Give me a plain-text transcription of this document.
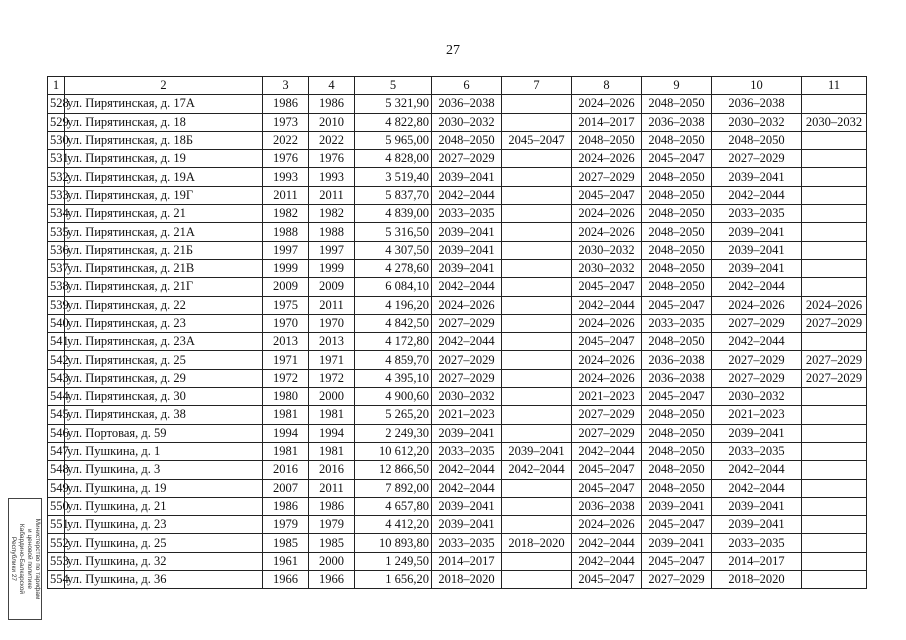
27
1	2	3	4	5	6	7	8	9	10	11
528	ул. Пирятинская, д. 17А	1986	1986	5 321,90	2036–2038		2024–2026	2048–2050	2036–2038	
529	ул. Пирятинская, д. 18	1973	2010	4 822,80	2030–2032		2014–2017	2036–2038	2030–2032	2030–2032
530	ул. Пирятинская, д. 18Б	2022	2022	5 965,00	2048–2050	2045–2047	2048–2050	2048–2050	2048–2050	
531	ул. Пирятинская, д. 19	1976	1976	4 828,00	2027–2029		2024–2026	2045–2047	2027–2029	
532	ул. Пирятинская, д. 19А	1993	1993	3 519,40	2039–2041		2027–2029	2048–2050	2039–2041	
533	ул. Пирятинская, д. 19Г	2011	2011	5 837,70	2042–2044		2045–2047	2048–2050	2042–2044	
534	ул. Пирятинская, д. 21	1982	1982	4 839,00	2033–2035		2024–2026	2048–2050	2033–2035	
535	ул. Пирятинская, д. 21А	1988	1988	5 316,50	2039–2041		2024–2026	2048–2050	2039–2041	
536	ул. Пирятинская, д. 21Б	1997	1997	4 307,50	2039–2041		2030–2032	2048–2050	2039–2041	
537	ул. Пирятинская, д. 21В	1999	1999	4 278,60	2039–2041		2030–2032	2048–2050	2039–2041	
538	ул. Пирятинская, д. 21Г	2009	2009	6 084,10	2042–2044		2045–2047	2048–2050	2042–2044	
539	ул. Пирятинская, д. 22	1975	2011	4 196,20	2024–2026		2042–2044	2045–2047	2024–2026	2024–2026
540	ул. Пирятинская, д. 23	1970	1970	4 842,50	2027–2029		2024–2026	2033–2035	2027–2029	2027–2029
541	ул. Пирятинская, д. 23А	2013	2013	4 172,80	2042–2044		2045–2047	2048–2050	2042–2044	
542	ул. Пирятинская, д. 25	1971	1971	4 859,70	2027–2029		2024–2026	2036–2038	2027–2029	2027–2029
543	ул. Пирятинская, д. 29	1972	1972	4 395,10	2027–2029		2024–2026	2036–2038	2027–2029	2027–2029
544	ул. Пирятинская, д. 30	1980	2000	4 900,60	2030–2032		2021–2023	2045–2047	2030–2032	
545	ул. Пирятинская, д. 38	1981	1981	5 265,20	2021–2023		2027–2029	2048–2050	2021–2023	
546	ул. Портовая, д. 59	1994	1994	2 249,30	2039–2041		2027–2029	2048–2050	2039–2041	
547	ул. Пушкина, д. 1	1981	1981	10 612,20	2033–2035	2039–2041	2042–2044	2048–2050	2033–2035	
548	ул. Пушкина, д. 3	2016	2016	12 866,50	2042–2044	2042–2044	2045–2047	2048–2050	2042–2044	
549	ул. Пушкина, д. 19	2007	2011	7 892,00	2042–2044		2045–2047	2048–2050	2042–2044	
550	ул. Пушкина, д. 21	1986	1986	4 657,80	2039–2041		2036–2038	2039–2041	2039–2041	
551	ул. Пушкина, д. 23	1979	1979	4 412,20	2039–2041		2024–2026	2045–2047	2039–2041	
552	ул. Пушкина, д. 25	1985	1985	10 893,80	2033–2035	2018–2020	2042–2044	2039–2041	2033–2035	
553	ул. Пушкина, д. 32	1961	2000	1 249,50	2014–2017		2042–2044	2045–2047	2014–2017	
554	ул. Пушкина, д. 36	1966	1966	1 656,20	2018–2020		2045–2047	2027–2029	2018–2020	
Министерство по тарифам
и ценовой политике
Кабардино-Балкарской
Республики 27
